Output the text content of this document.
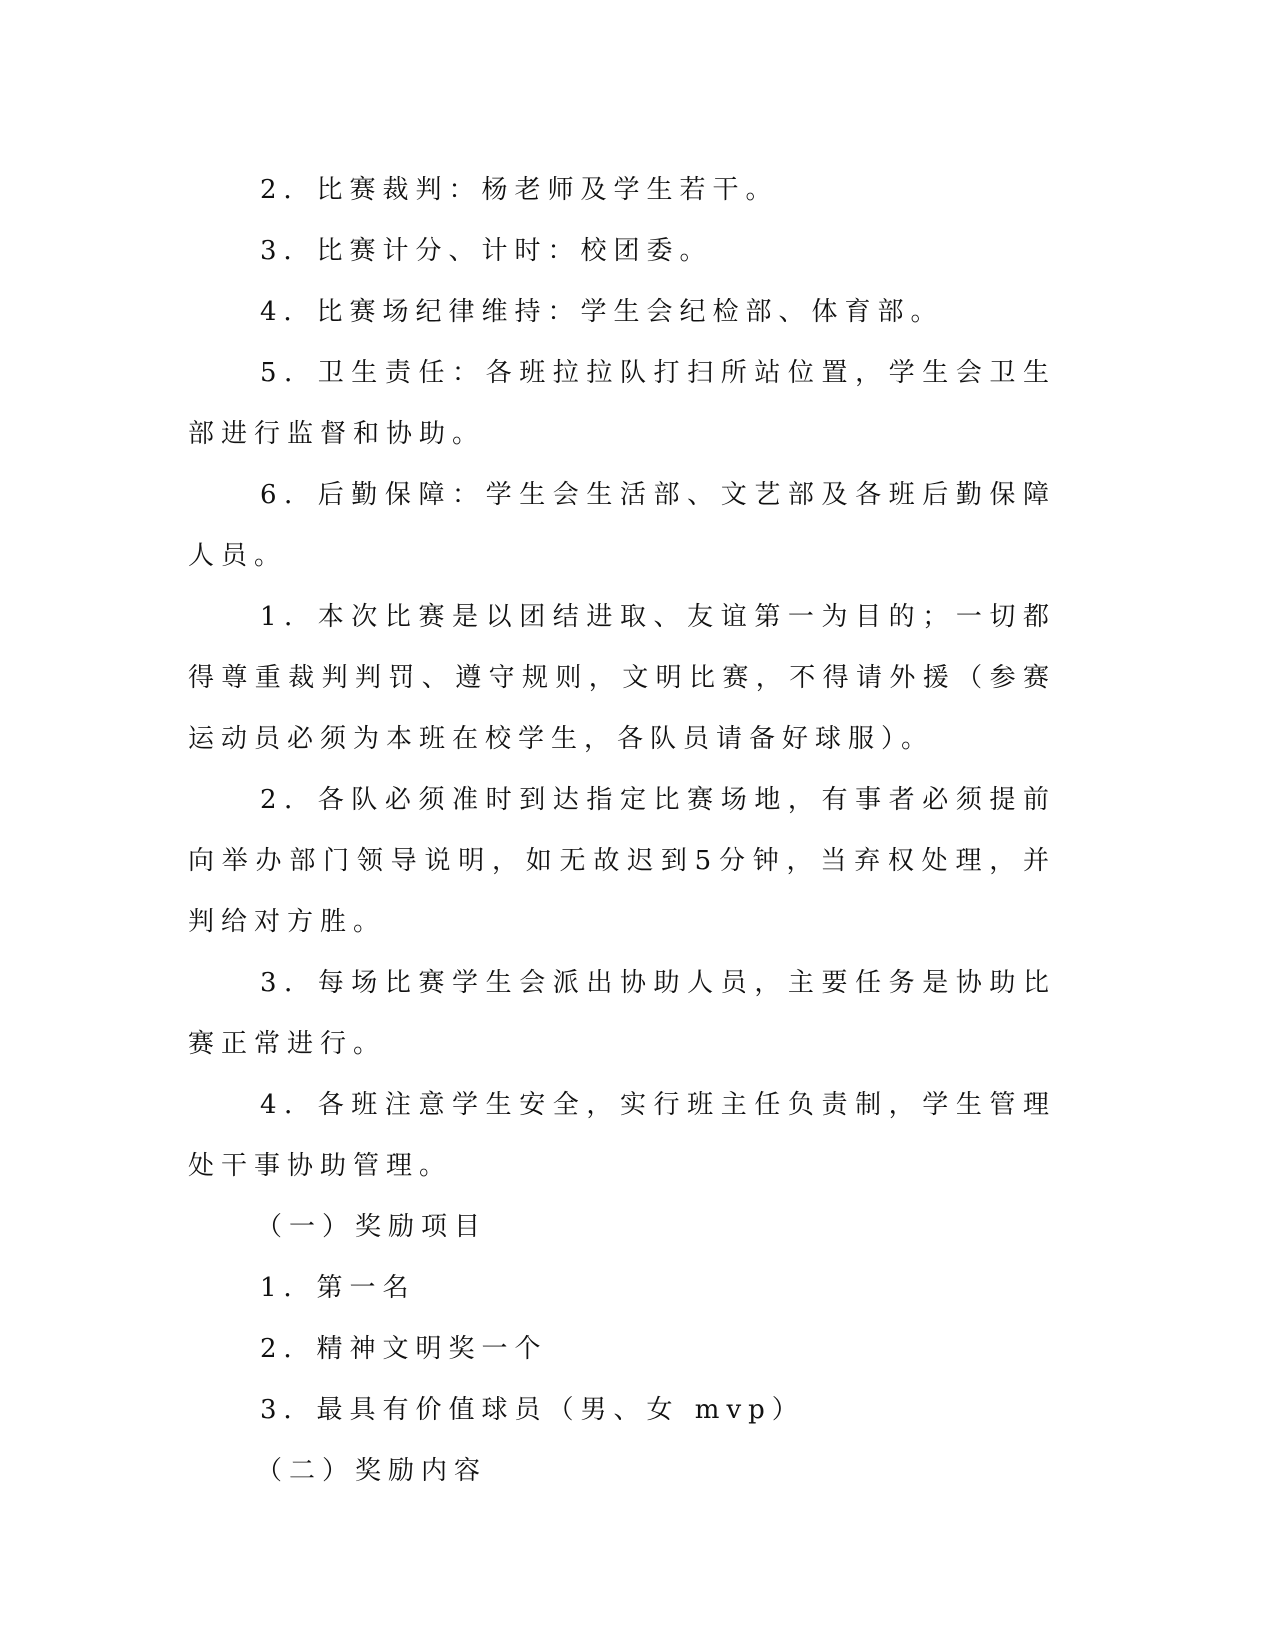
2．比赛裁判：杨老师及学生若干。

3．比赛计分、计时：校团委。

4．比赛场纪律维持：学生会纪检部、体育部。

5．卫生责任：各班拉拉队打扫所站位置，学生会卫生部进行监督和协助。

6．后勤保障：学生会生活部、文艺部及各班后勤保障人员。

1．本次比赛是以团结进取、友谊第一为目的；一切都得尊重裁判判罚、遵守规则，文明比赛，不得请外援（参赛运动员必须为本班在校学生，各队员请备好球服）。

2．各队必须准时到达指定比赛场地，有事者必须提前向举办部门领导说明，如无故迟到5分钟，当弃权处理，并判给对方胜。

3．每场比赛学生会派出协助人员，主要任务是协助比赛正常进行。

4．各班注意学生安全，实行班主任负责制，学生管理处干事协助管理。

（一）奖励项目

1．第一名

2．精神文明奖一个

3．最具有价值球员（男、女 mvp）

（二）奖励内容
